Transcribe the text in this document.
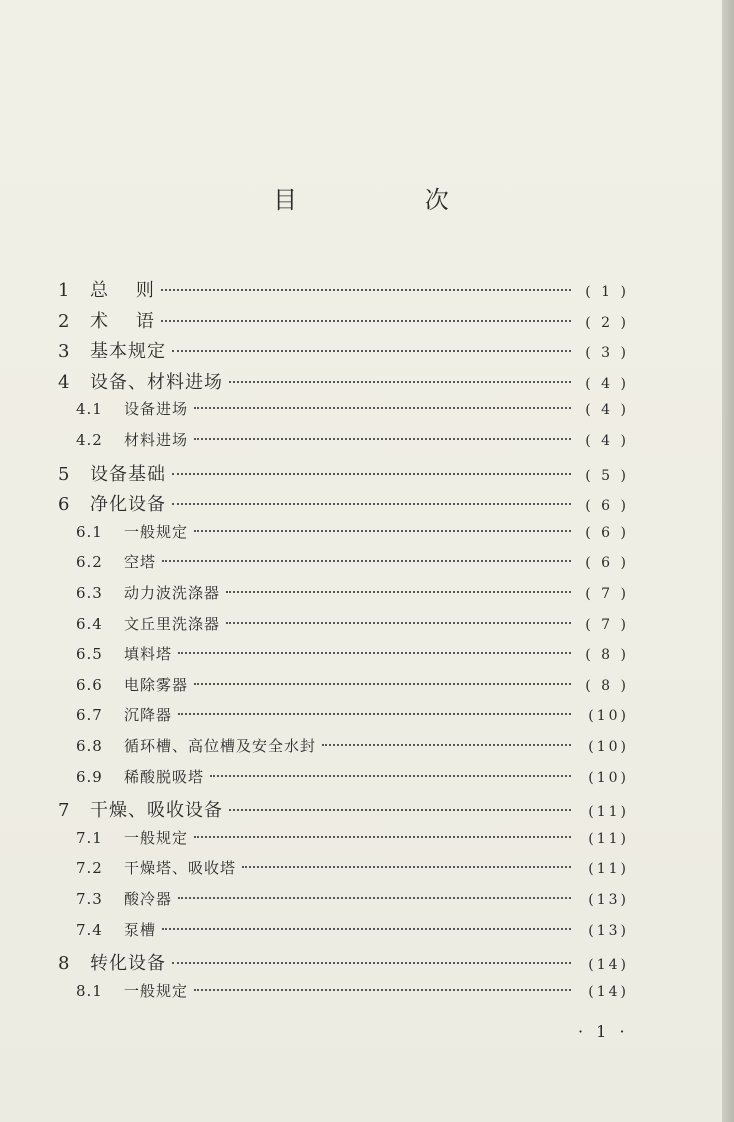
目 次
1	总    则	( 1 )
2	术    语	( 2 )
3	基本规定	( 3 )
4	设备、材料进场	( 4 )
4.1	设备进场	( 4 )
4.2	材料进场	( 4 )
5	设备基础	( 5 )
6	净化设备	( 6 )
6.1	一般规定	( 6 )
6.2	空塔	( 6 )
6.3	动力波洗涤器	( 7 )
6.4	文丘里洗涤器	( 7 )
6.5	填料塔	( 8 )
6.6	电除雾器	( 8 )
6.7	沉降器	(10)
6.8	循环槽、高位槽及安全水封	(10)
6.9	稀酸脱吸塔	(10)
7	干燥、吸收设备	(11)
7.1	一般规定	(11)
7.2	干燥塔、吸收塔	(11)
7.3	酸冷器	(13)
7.4	泵槽	(13)
8	转化设备	(14)
8.1	一般规定	(14)
· 1 ·
